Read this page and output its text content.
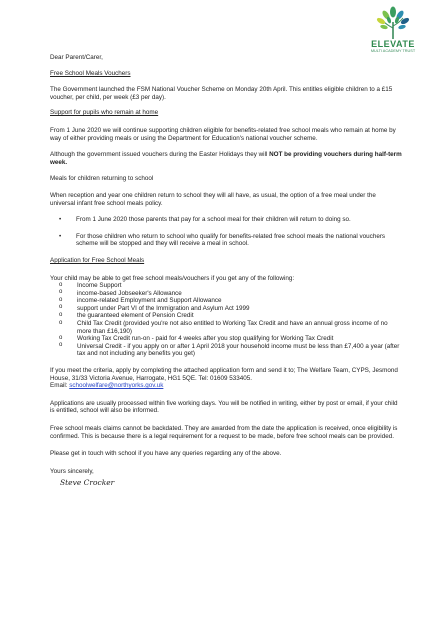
ELEVATE
MULTI ACADEMY TRUST

Dear Parent/Carer,

Free School Meals Vouchers

The Government launched the FSM National Voucher Scheme on Monday 20th April. This entitles eligible children to a £15 voucher, per child, per week (£3 per day).

Support for pupils who remain at home

From 1 June 2020 we will continue supporting children eligible for benefits-related free school meals who remain at home by way of either providing meals or using the Department for Education's national voucher scheme.

Although the government issued vouchers during the Easter Holidays they will NOT be providing vouchers during half-term week.

Meals for children returning to school

When reception and year one children return to school they will all have, as usual, the option of a free meal under the universal infant free school meals policy.

• From 1 June 2020 those parents that pay for a school meal for their children will return to doing so.
• For those children who return to school who qualify for benefits-related free school meals the national vouchers scheme will be stopped and they will receive a meal in school.

Application for Free School Meals

Your child may be able to get free school meals/vouchers if you get any of the following:

o Income Support
o income-based Jobseeker's Allowance
o income-related Employment and Support Allowance
o support under Part VI of the Immigration and Asylum Act 1999
o the guaranteed element of Pension Credit
o Child Tax Credit (provided you're not also entitled to Working Tax Credit and have an annual gross income of no more than £16,190)
o Working Tax Credit run-on - paid for 4 weeks after you stop qualifying for Working Tax Credit
o Universal Credit - if you apply on or after 1 April 2018 your household income must be less than £7,400 a year (after tax and not including any benefits you get)

If you meet the criteria, apply by completing the attached application form and send it to; The Welfare Team, CYPS, Jesmond House, 31/33 Victoria Avenue, Harrogate, HG1 5QE. Tel: 01609 533405.
Email: schoolwelfare@northyorks.gov.uk

Applications are usually processed within five working days. You will be notified in writing, either by post or email, if your child is entitled, school will also be informed.

Free school meals claims cannot be backdated. They are awarded from the date the application is received, once eligibility is confirmed. This is because there is a legal requirement for a request to be made, before free school meals can be provided.

Please get in touch with school if you have any queries regarding any of the above.

Yours sincerely,

Steve Crocker
